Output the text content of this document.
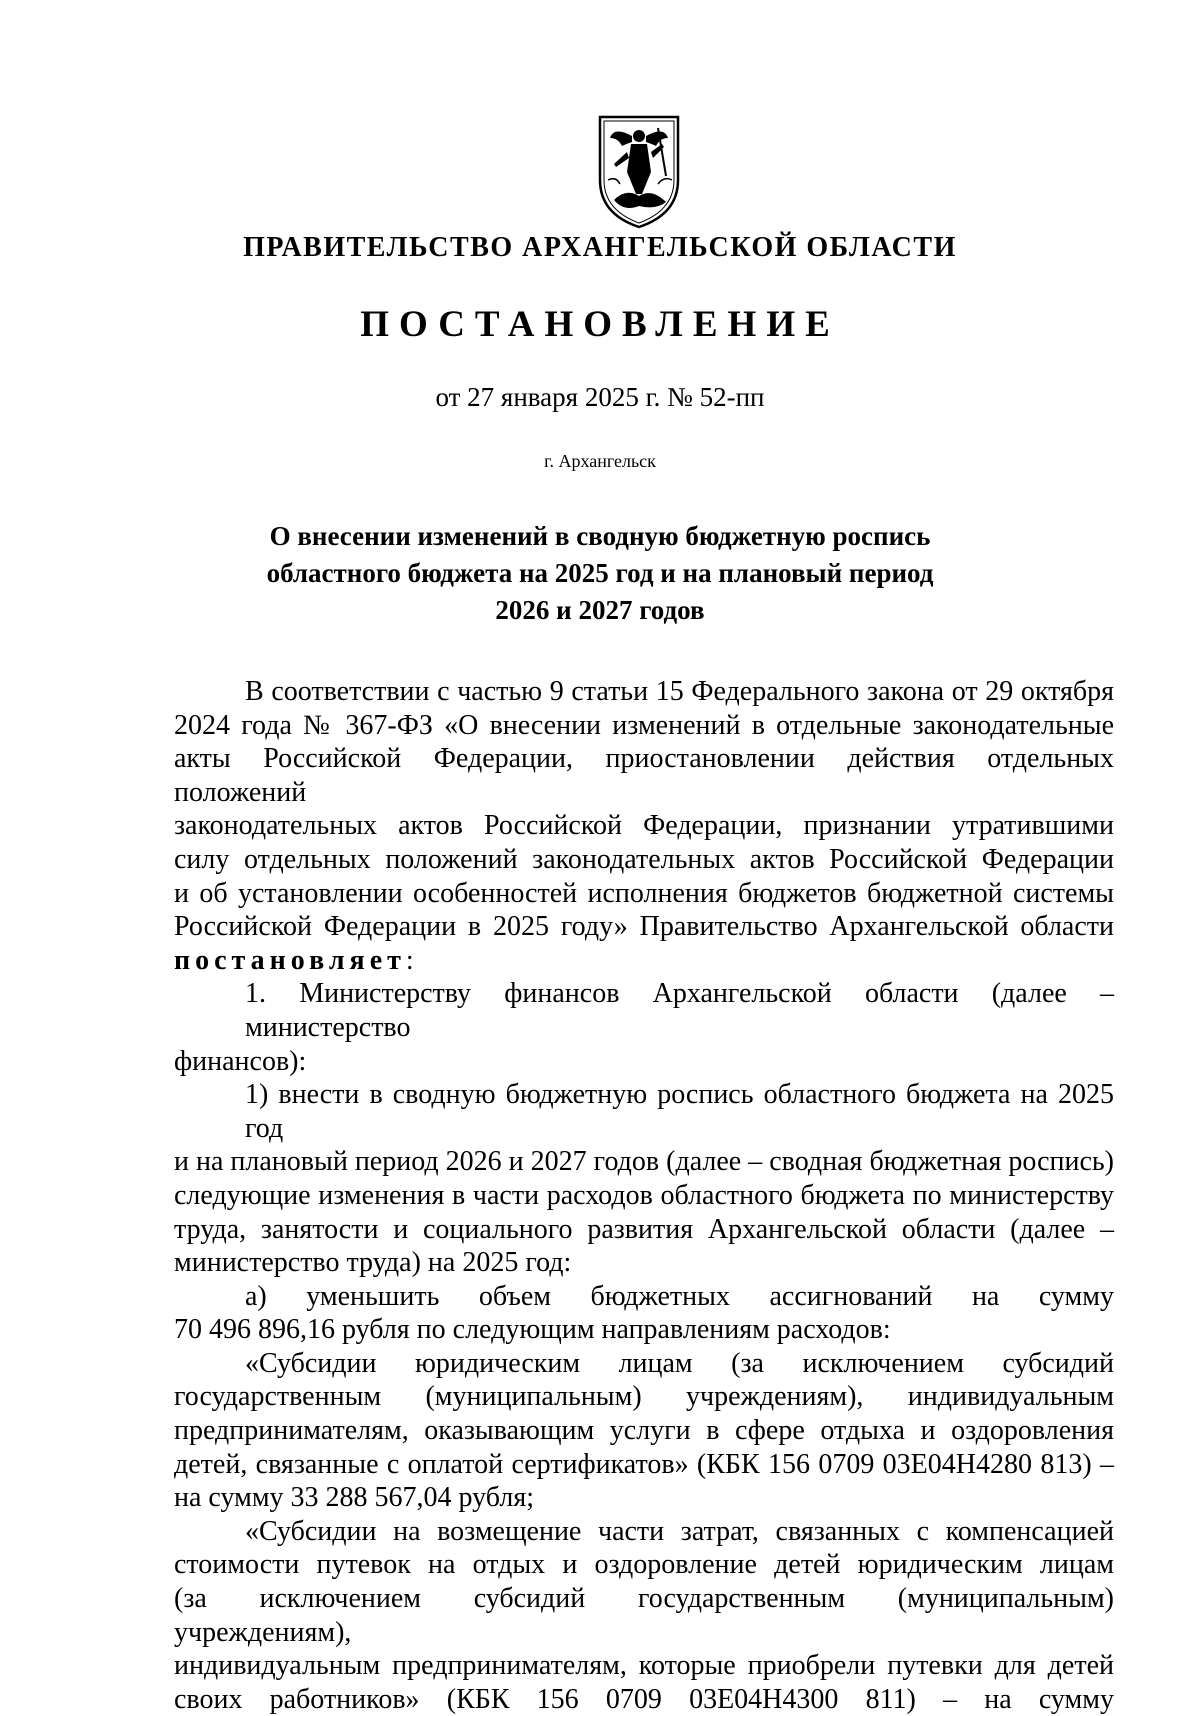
ПРАВИТЕЛЬСТВО АРХАНГЕЛЬСКОЙ ОБЛАСТИ
ПОСТАНОВЛЕНИЕ
от 27 января 2025 г. № 52-пп
г. Архангельск
О внесении изменений в сводную бюджетную роспись
областного бюджета на 2025 год и на плановый период
2026 и 2027 годов
В соответствии с частью 9 статьи 15 Федерального закона от 29 октября
2024 года № 367-ФЗ «О внесении изменений в отдельные законодательные
акты Российской Федерации, приостановлении действия отдельных положений
законодательных актов Российской Федерации, признании утратившими
силу отдельных положений законодательных актов Российской Федерации
и об установлении особенностей исполнения бюджетов бюджетной системы
Российской Федерации в 2025 году» Правительство Архангельской области
постановляет:
1. Министерству финансов Архангельской области (далее – министерство
финансов):
1) внести в сводную бюджетную роспись областного бюджета на 2025 год
и на плановый период 2026 и 2027 годов (далее – сводная бюджетная роспись)
следующие изменения в части расходов областного бюджета по министерству
труда, занятости и социального развития Архангельской области (далее –
министерство труда) на 2025 год:
а) уменьшить объем бюджетных ассигнований на сумму
70 496 896,16 рубля по следующим направлениям расходов:
«Субсидии юридическим лицам (за исключением субсидий
государственным (муниципальным) учреждениям), индивидуальным
предпринимателям, оказывающим услуги в сфере отдыха и оздоровления
детей, связанные с оплатой сертификатов» (КБК 156 0709 03Е04Н4280 813) –
на сумму 33 288 567,04 рубля;
«Субсидии на возмещение части затрат, связанных с компенсацией
стоимости путевок на отдых и оздоровление детей юридическим лицам
(за исключением субсидий государственным (муниципальным) учреждениям),
индивидуальным предпринимателям, которые приобрели путевки для детей
своих работников» (КБК 156 0709 03Е04Н4300 811) – на сумму
